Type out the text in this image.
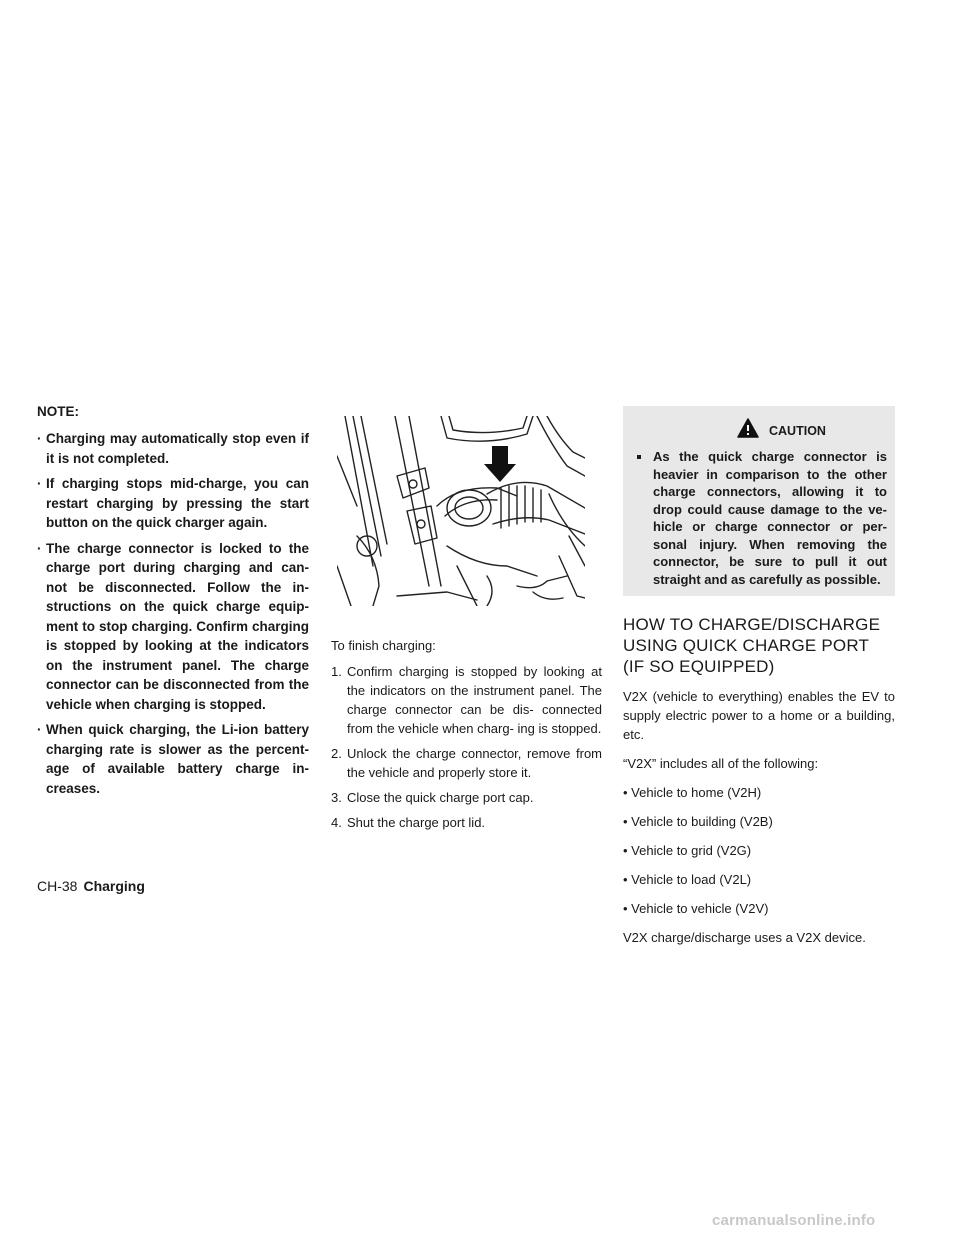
NOTE:
· Charging may automatically stop even if it is not completed.
· If charging stops mid-charge, you can restart charging by pressing the start button on the quick charger again.
· The charge connector is locked to the charge port during charging and can- not be disconnected. Follow the in- structions on the quick charge equip- ment to stop charging. Confirm charging is stopped by looking at the indicators on the instrument panel. The charge connector can be disconnected from the vehicle when charging is stopped.
· When quick charging, the Li-ion battery charging rate is slower as the percent- age of available battery charge in- creases.

To finish charging:

1. Confirm charging is stopped by looking at the indicators on the instrument panel. The charge connector can be dis- connected from the vehicle when charg- ing is stopped.
2. Unlock the charge connector, remove from the vehicle and properly store it.
3. Close the quick charge port cap.
4. Shut the charge port lid.
CAUTION
As the quick charge connector is heavier in comparison to the other charge connectors, allowing it to drop could cause damage to the ve- hicle or charge connector or per- sonal injury. When removing the connector, be sure to pull it out straight and as carefully as possible.
HOW TO CHARGE/DISCHARGE USING QUICK CHARGE PORT (IF SO EQUIPPED)

V2X (vehicle to everything) enables the EV to supply electric power to a home or a building, etc.

“V2X” includes all of the following:

• Vehicle to home (V2H)
• Vehicle to building (V2B)
• Vehicle to grid (V2G)
• Vehicle to load (V2L)
• Vehicle to vehicle (V2V)

V2X charge/discharge uses a V2X device.

CH-38 Charging
carmanualsonline.info
